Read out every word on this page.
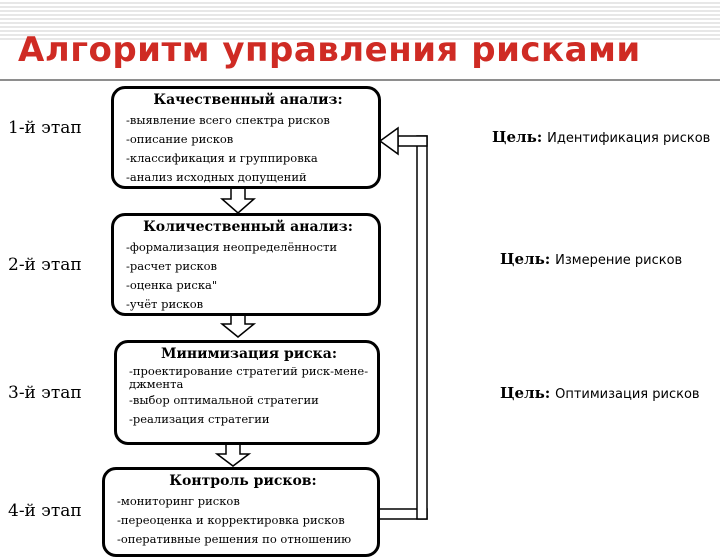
Алгоритм управления рисками
1-й этап
Качественный анализ:
-выявление всего спектра рисков
-описание рисков
-классификация и группировка
-анализ исходных допущений
Цель: Идентификация рисков
2-й этап
Количественный анализ:
-формализация неопределённости
-расчет рисков
-оценка риска"
-учёт рисков
Цель: Измерение рисков
3-й этап
Минимизация риска:
-проектирование стратегий риск-мене-
джмента
-выбор оптимальной стратегии
-реализация стратегии
Цель: Оптимизация рисков
4-й этап
Контроль рисков:
-мониторинг рисков
-переоценка и корректировка рисков
-оперативные решения по отношению
